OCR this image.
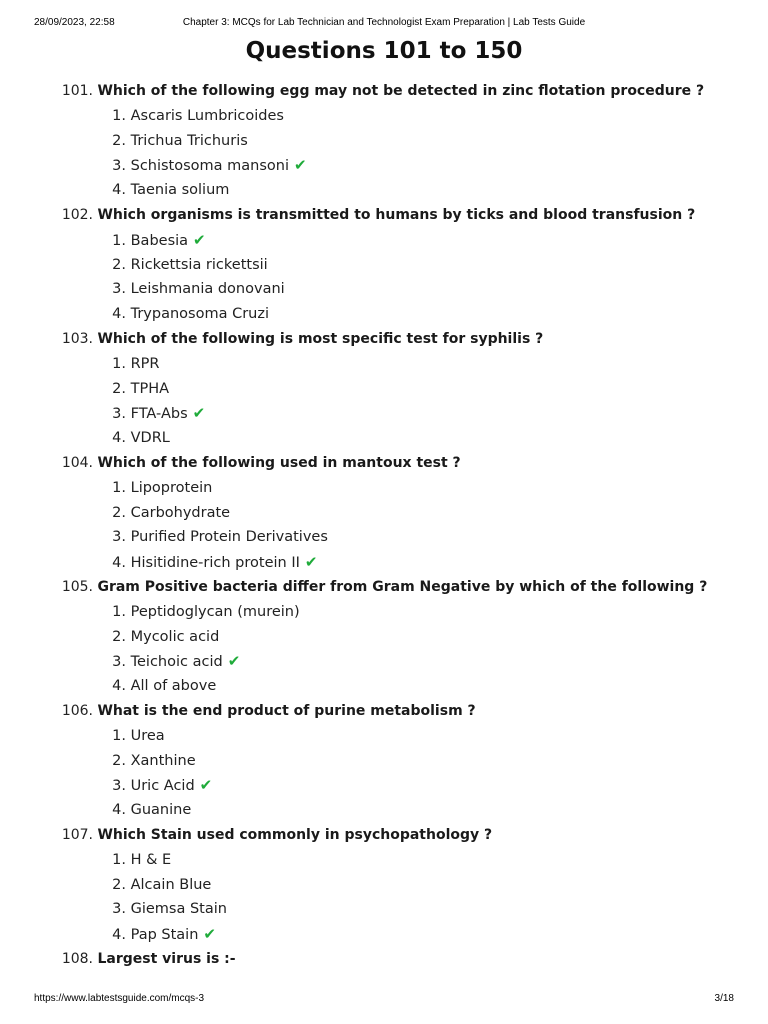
28/09/2023, 22:58	Chapter 3: MCQs for Lab Technician and Technologist Exam Preparation | Lab Tests Guide
Questions 101 to 150
101. Which of the following egg may not be detected in zinc flotation procedure ?
1. Ascaris Lumbricoides
2. Trichua Trichuris
3. Schistosoma mansoni ✔
4. Taenia solium
102. Which organisms is transmitted to humans by ticks and blood transfusion ?
1. Babesia ✔
2. Rickettsia rickettsii
3. Leishmania donovani
4. Trypanosoma Cruzi
103. Which of the following is most specific test for syphilis ?
1. RPR
2. TPHA
3. FTA-Abs ✔
4. VDRL
104. Which of the following used in mantoux test ?
1. Lipoprotein
2. Carbohydrate
3. Purified Protein Derivatives
4. Hisitidine-rich protein II ✔
105. Gram Positive bacteria differ from Gram Negative by which of the following ?
1. Peptidoglycan (murein)
2. Mycolic acid
3. Teichoic acid ✔
4. All of above
106. What is the end product of purine metabolism ?
1. Urea
2. Xanthine
3. Uric Acid ✔
4. Guanine
107. Which Stain used commonly in psychopathology ?
1. H & E
2. Alcain Blue
3. Giemsa Stain
4. Pap Stain ✔
108. Largest virus is :-
https://www.labtestsguide.com/mcqs-3	3/18
